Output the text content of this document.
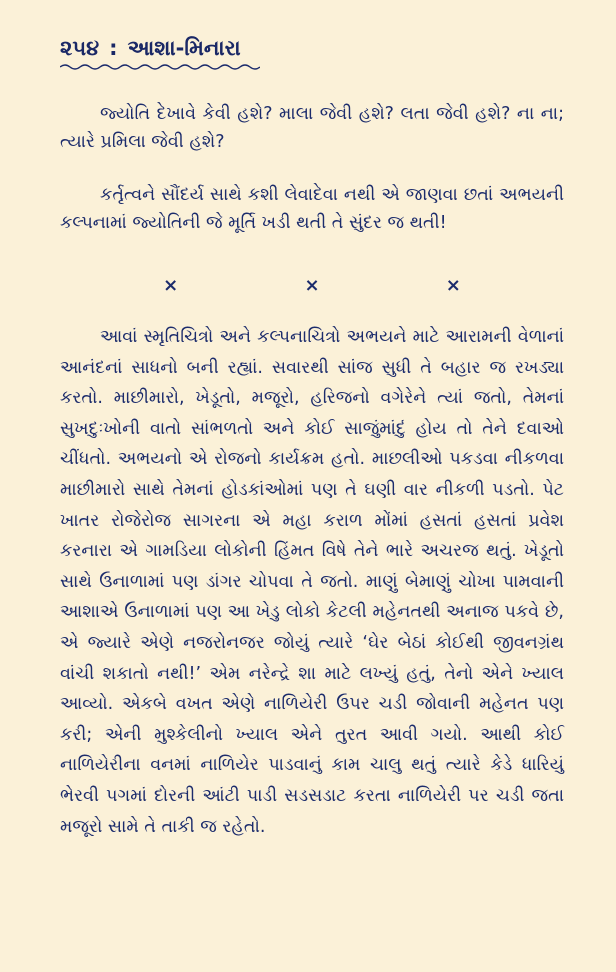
૨૫૪ : આશા-મિનારા

જ્યોતિ દેખાવે કેવી હશે? માલા જેવી હશે? લતા જેવી હશે? ના ના; ત્યારે પ્રમિલા જેવી હશે?

કર્તૃત્વને સૌંદર્ય સાથે કશી લેવાદેવા નથી એ જાણવા છતાં અભયની કલ્પનામાં જ્યોતિની જે મૂર્તિ ખડી થતી તે સુંદર જ થતી!

×	×	×

આવાં સ્મૃતિચિત્રો અને કલ્પનાચિત્રો અભયને માટે આરામની વેળાનાં આનંદનાં સાધનો બની રહ્યાં. સવારથી સાંજ સુધી તે બહાર જ રખડ્યા કરતો. માછીમારો, ખેડૂતો, મજૂરો, હરિજનો વગેરેને ત્યાં જતો, તેમનાં સુખદુઃખોની વાતો સાંભળતો અને કોઈ સાજુંમાંદું હોય તો તેને દવાઓ ચીંધતો. અભયનો એ રોજનો કાર્યક્રમ હતો. માછલીઓ પકડવા નીકળવા માછીમારો સાથે તેમનાં હોડકાંઓમાં પણ તે ઘણી વાર નીકળી પડતો. પેટ ખાતર રોજેરોજ સાગરના એ મહા કરાળ મોંમાં હસતાં હસતાં પ્રવેશ કરનારા એ ગામડિયા લોકોની હિંમત વિષે તેને ભારે અચરજ થતું. ખેડૂતો સાથે ઉનાળામાં પણ ડાંગર ચોપવા તે જતો. માણું બેમાણું ચોખા પામવાની આશાએ ઉનાળામાં પણ આ ખેડુ લોકો કેટલી મહેનતથી અનાજ પકવે છે, એ જ્યારે એણે નજરોનજર જોયું ત્યારે ‘ઘેર બેઠાં કોઈથી જીવનગ્રંથ વાંચી શકાતો નથી!’ એમ નરેન્દ્રે શા માટે લખ્યું હતું, તેનો એને ખ્યાલ આવ્યો. એકબે વખત એણે નાળિયેરી ઉપર ચડી જોવાની મહેનત પણ કરી; એની મુશ્કેલીનો ખ્યાલ એને તુરત આવી ગયો. આથી કોઈ નાળિયેરીના વનમાં નાળિયેર પાડવાનું કામ ચાલુ થતું ત્યારે કેડે ધારિયું ભેરવી પગમાં દોરની આંટી પાડી સડસડાટ કરતા નાળિયેરી પર ચડી જતા મજૂરો સામે તે તાકી જ રહેતો.
